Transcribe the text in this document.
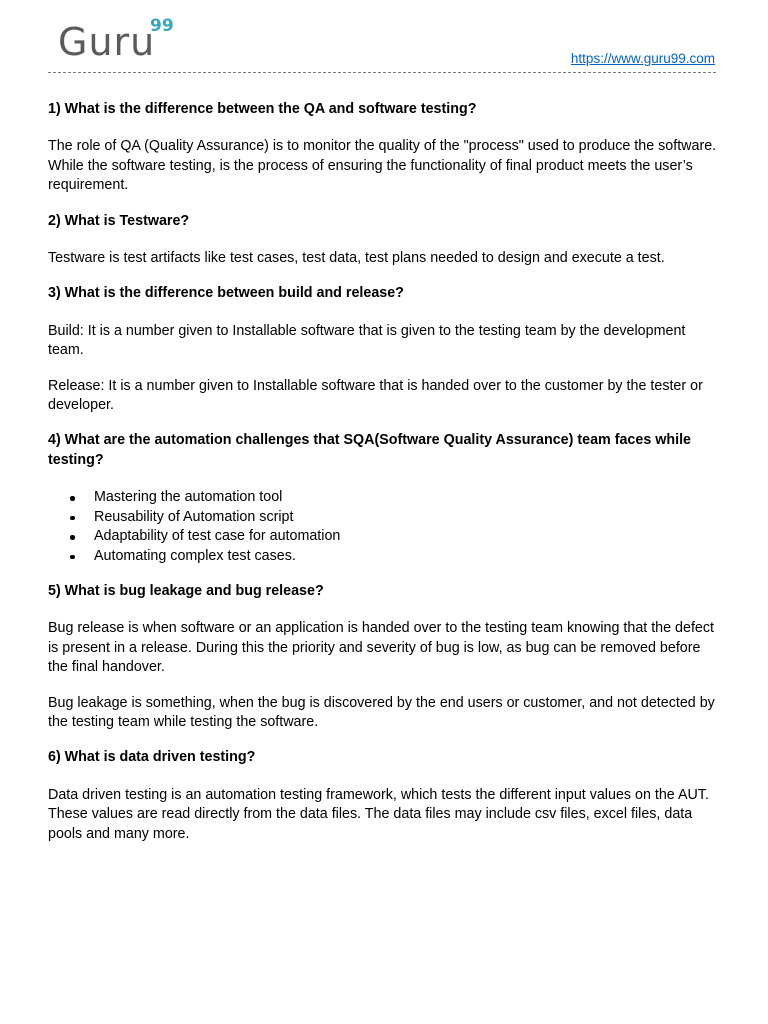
Guru
99
https://www.guru99.com
1) What is the difference between the QA and software testing?
The role of QA (Quality Assurance) is to monitor the quality of the "process" used to produce the software. While the software testing, is the process of ensuring the functionality of final product meets the user’s requirement.
2) What is Testware?
Testware is test artifacts like test cases, test data, test plans needed to design and execute a test.
3) What is the difference between build and release?
Build: It is a number given to Installable software that is given to the testing team by the development team.
Release: It is a number given to Installable software that is handed over to the customer by the tester or developer.
4) What are the automation challenges that SQA(Software Quality Assurance) team faces while testing?
Mastering the automation tool
Reusability of Automation script
Adaptability of test case for automation
Automating complex test cases.
5) What is bug leakage and bug release?
Bug release is when software or an application is handed over to the testing team knowing that the defect is present in a release. During this the priority and severity of bug is low, as bug can be removed before the final handover.
Bug leakage is something, when the bug is discovered by the end users or customer, and not detected by the testing team while testing the software.
6) What is data driven testing?
Data driven testing is an automation testing framework, which tests the different input values on the AUT. These values are read directly from the data files. The data files may include csv files, excel files, data pools and many more.
